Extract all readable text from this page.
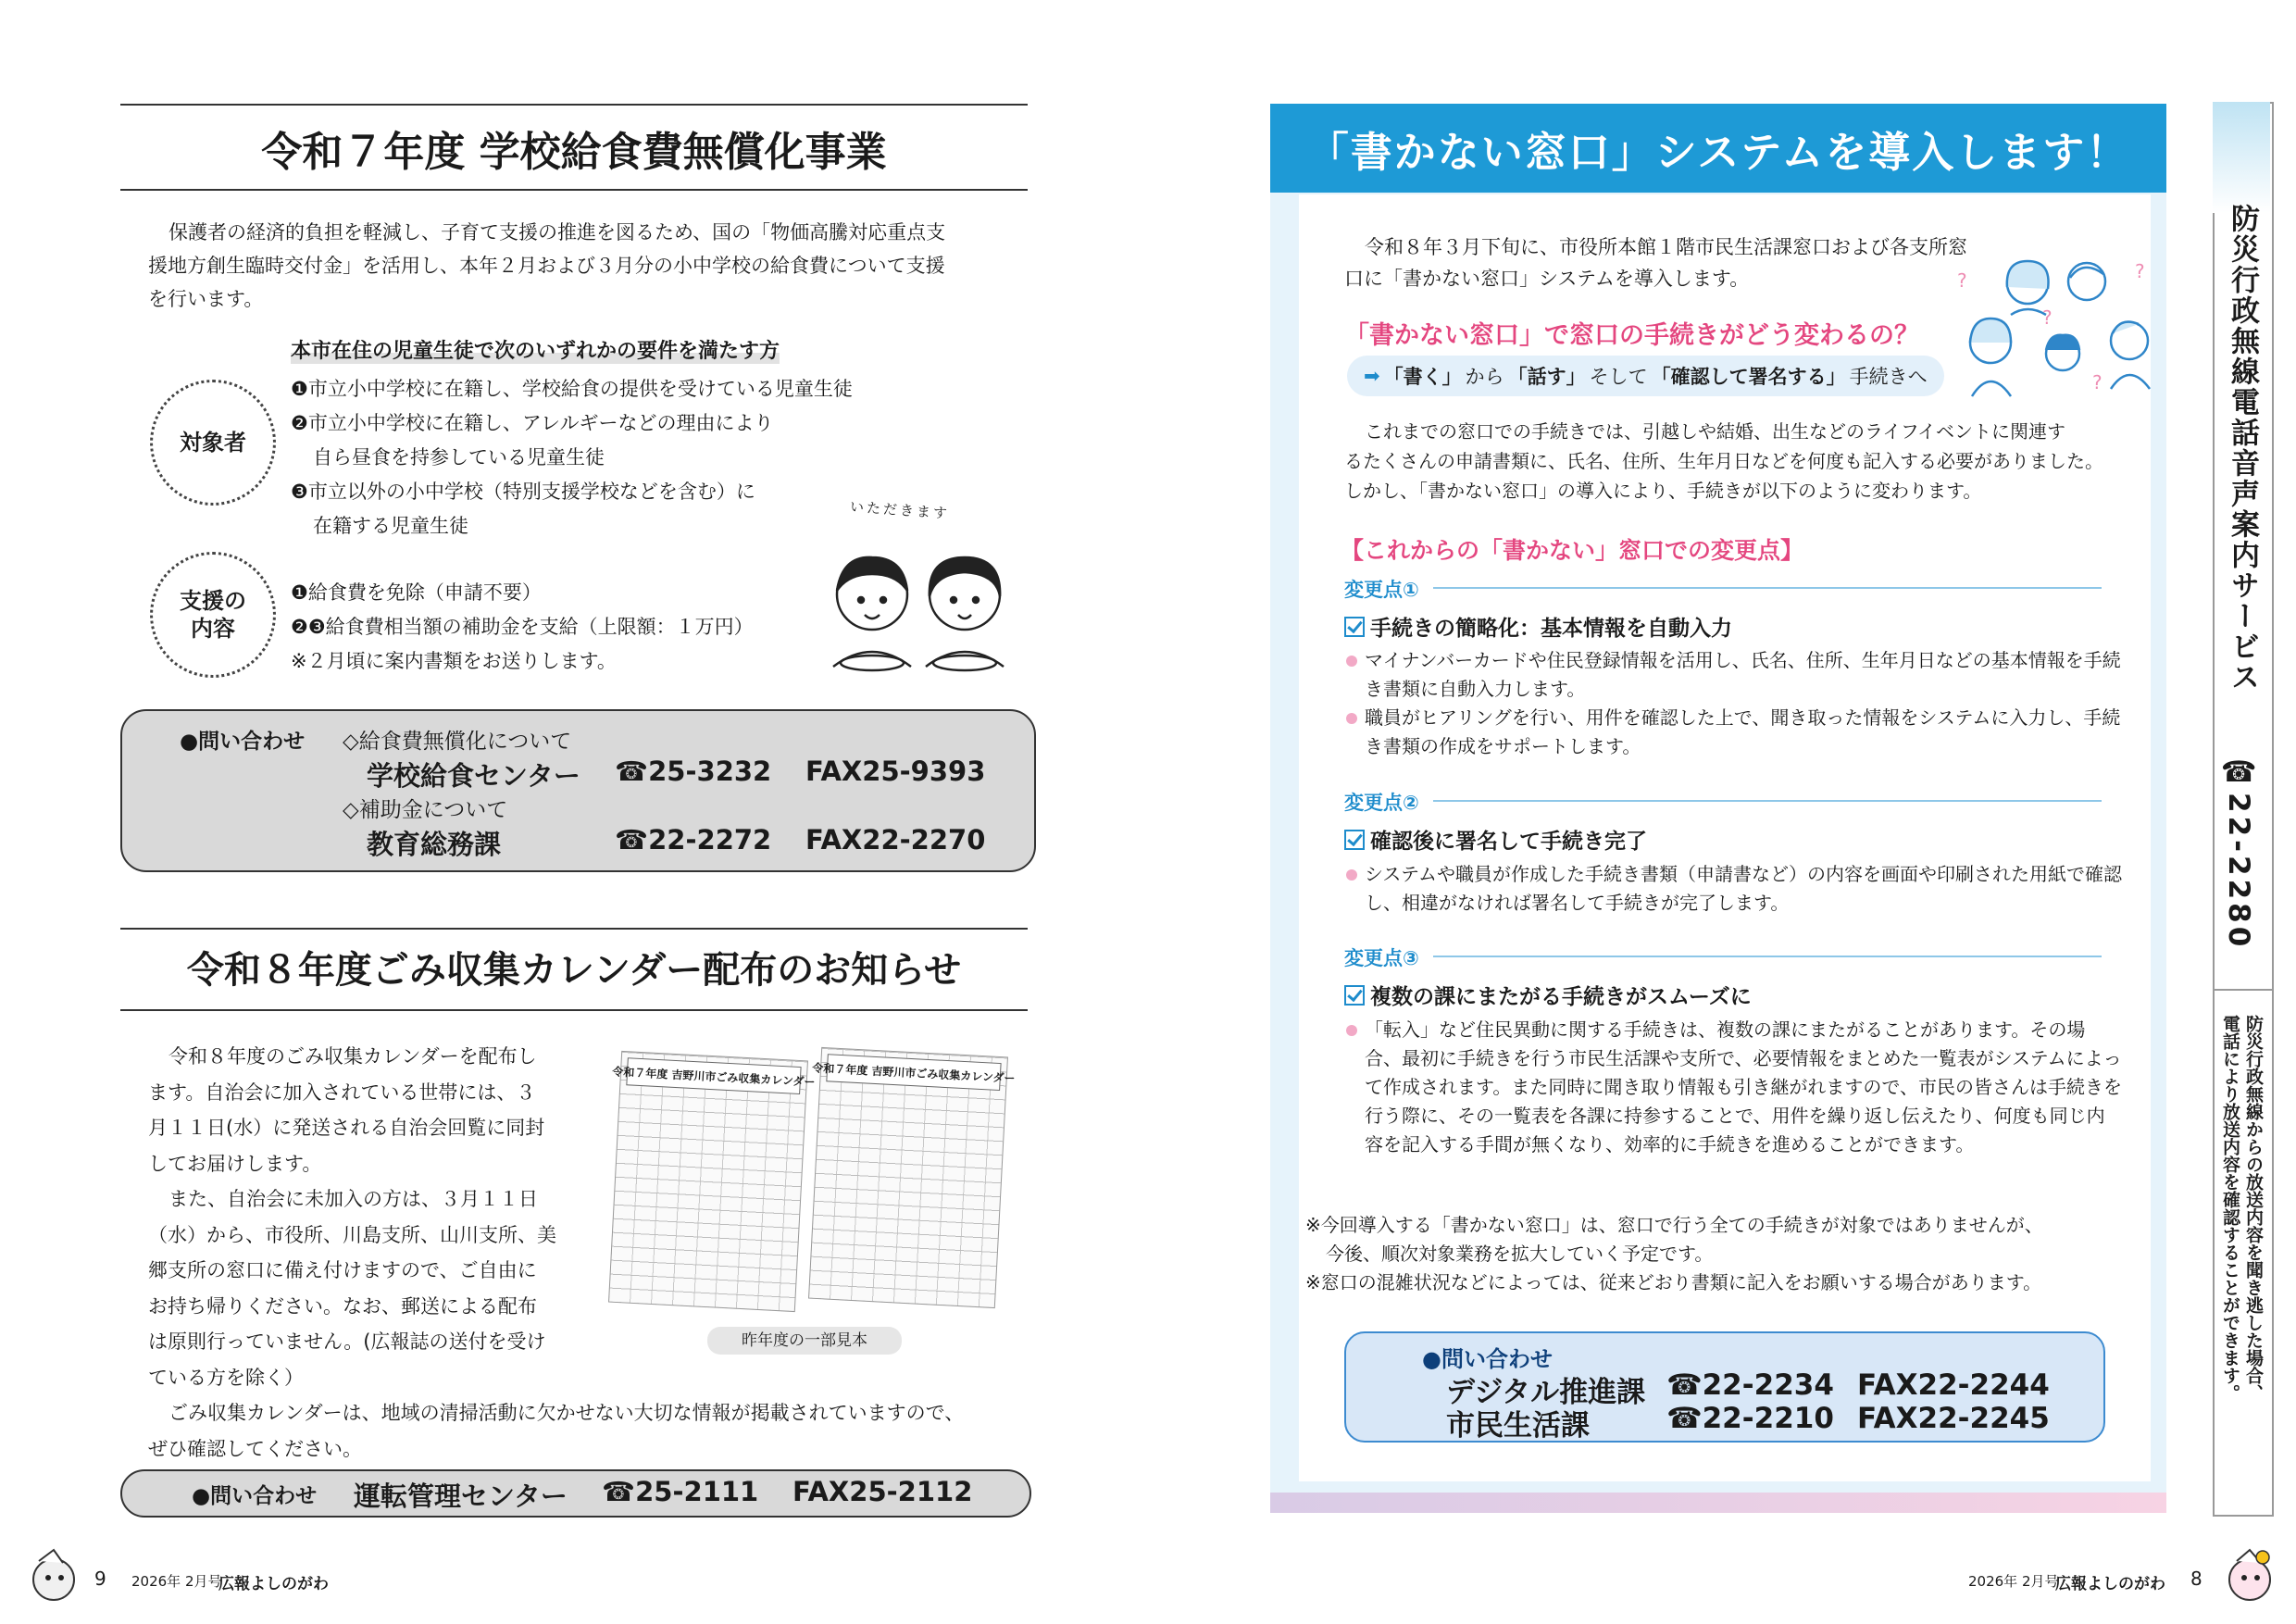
令和７年度 学校給食費無償化事業
保護者の経済的負担を軽減し、子育て支援の推進を図るため、国の「物価高騰対応重点支
援地方創生臨時交付金」を活用し、本年２月および３月分の小中学校の給食費について支援
を行います。
対象者
本市在住の児童生徒で次のいずれかの要件を満たす方
❶市立小中学校に在籍し、学校給食の提供を受けている児童生徒
❷市立小中学校に在籍し、アレルギーなどの理由により
自ら昼食を持参している児童生徒
❸市立以外の小中学校（特別支援学校などを含む）に
在籍する児童生徒
支援の
内容
❶給食費を免除（申請不要）
❷❸給食費相当額の補助金を支給（上限額：１万円）
※２月頃に案内書類をお送りします。
いただきます
●問い合わせ ◇給食費無償化について
学校給食センター ☎25-3232 FAX25-9393
◇補助金について
教育総務課	☎22-2272 FAX22-2270
令和８年度ごみ収集カレンダー配布のお知らせ
令和８年度のごみ収集カレンダーを配布し
ます。自治会に加入されている世帯には、３
月１１日(水）に発送される自治会回覧に同封
してお届けします。
また、自治会に未加入の方は、３月１１日
（水）から、市役所、川島支所、山川支所、美
郷支所の窓口に備え付けますので、ご自由に
お持ち帰りください。なお、郵送による配布
は原則行っていません。(広報誌の送付を受け
ている方を除く）
ごみ収集カレンダーは、地域の清掃活動に欠かせない大切な情報が掲載されていますので、
ぜひ確認してください。
令和７年度 吉野川市ごみ収集カレンダー
令和７年度 吉野川市ごみ収集カレンダー
昨年度の一部見本
●問い合わせ 運転管理センター ☎25-2111 FAX25-2112
9 2026年 2月号
広報よしのがわ
「書かない窓口」システムを導入します！
令和８年３月下旬に、市役所本館１階市民生活課窓口および各支所窓
口に「書かない窓口」システムを導入します。	?	?
?
?
「書かない窓口」で窓口の手続きがどう変わるの？
➡ 「書く」 から 「話す」 そして 「確認して署名する」 手続きへ
これまでの窓口での手続きでは、引越しや結婚、出生などのライフイベントに関連す
るたくさんの申請書類に、氏名、住所、生年月日などを何度も記入する必要がありました。
しかし、「書かない窓口」の導入により、手続きが以下のように変わります。
【これからの「書かない」窓口での変更点】
変更点①
手続きの簡略化：基本情報を自動入力
マイナンバーカードや住民登録情報を活用し、氏名、住所、生年月日などの基本情報を手続き書類に自動入力します。
職員がヒアリングを行い、用件を確認した上で、聞き取った情報をシステムに入力し、手続き書類の作成をサポートします。
変更点②
確認後に署名して手続き完了
システムや職員が作成した手続き書類（申請書など）の内容を画面や印刷された用紙で確認し、相違がなければ署名して手続きが完了します。
変更点③
複数の課にまたがる手続きがスムーズに
「転入」など住民異動に関する手続きは、複数の課にまたがることがあります。その場合、最初に手続きを行う市民生活課や支所で、必要情報をまとめた一覧表がシステムによって作成されます。また同時に聞き取り情報も引き継がれますので、市民の皆さんは手続きを行う際に、その一覧表を各課に持参することで、用件を繰り返し伝えたり、何度も同じ内容を記入する手間が無くなり、効率的に手続きを進めることができます。
※今回導入する「書かない窓口」は、窓口で行う全ての手続きが対象ではありませんが、
今後、順次対象業務を拡大していく予定です。
※窓口の混雑状況などによっては、従来どおり書類に記入をお願いする場合があります。
●問い合わせ
デジタル推進課 ☎22-2234 FAX22-2244
市民生活課	☎22-2210 FAX22-2245
2026年 2月号
広報よしのがわ 8
防災行政無線電話音声案内サービス
☎22-2280
防災行政無線からの放送内容を聞き逃した場合、
電話により放送内容を確認することができます。
